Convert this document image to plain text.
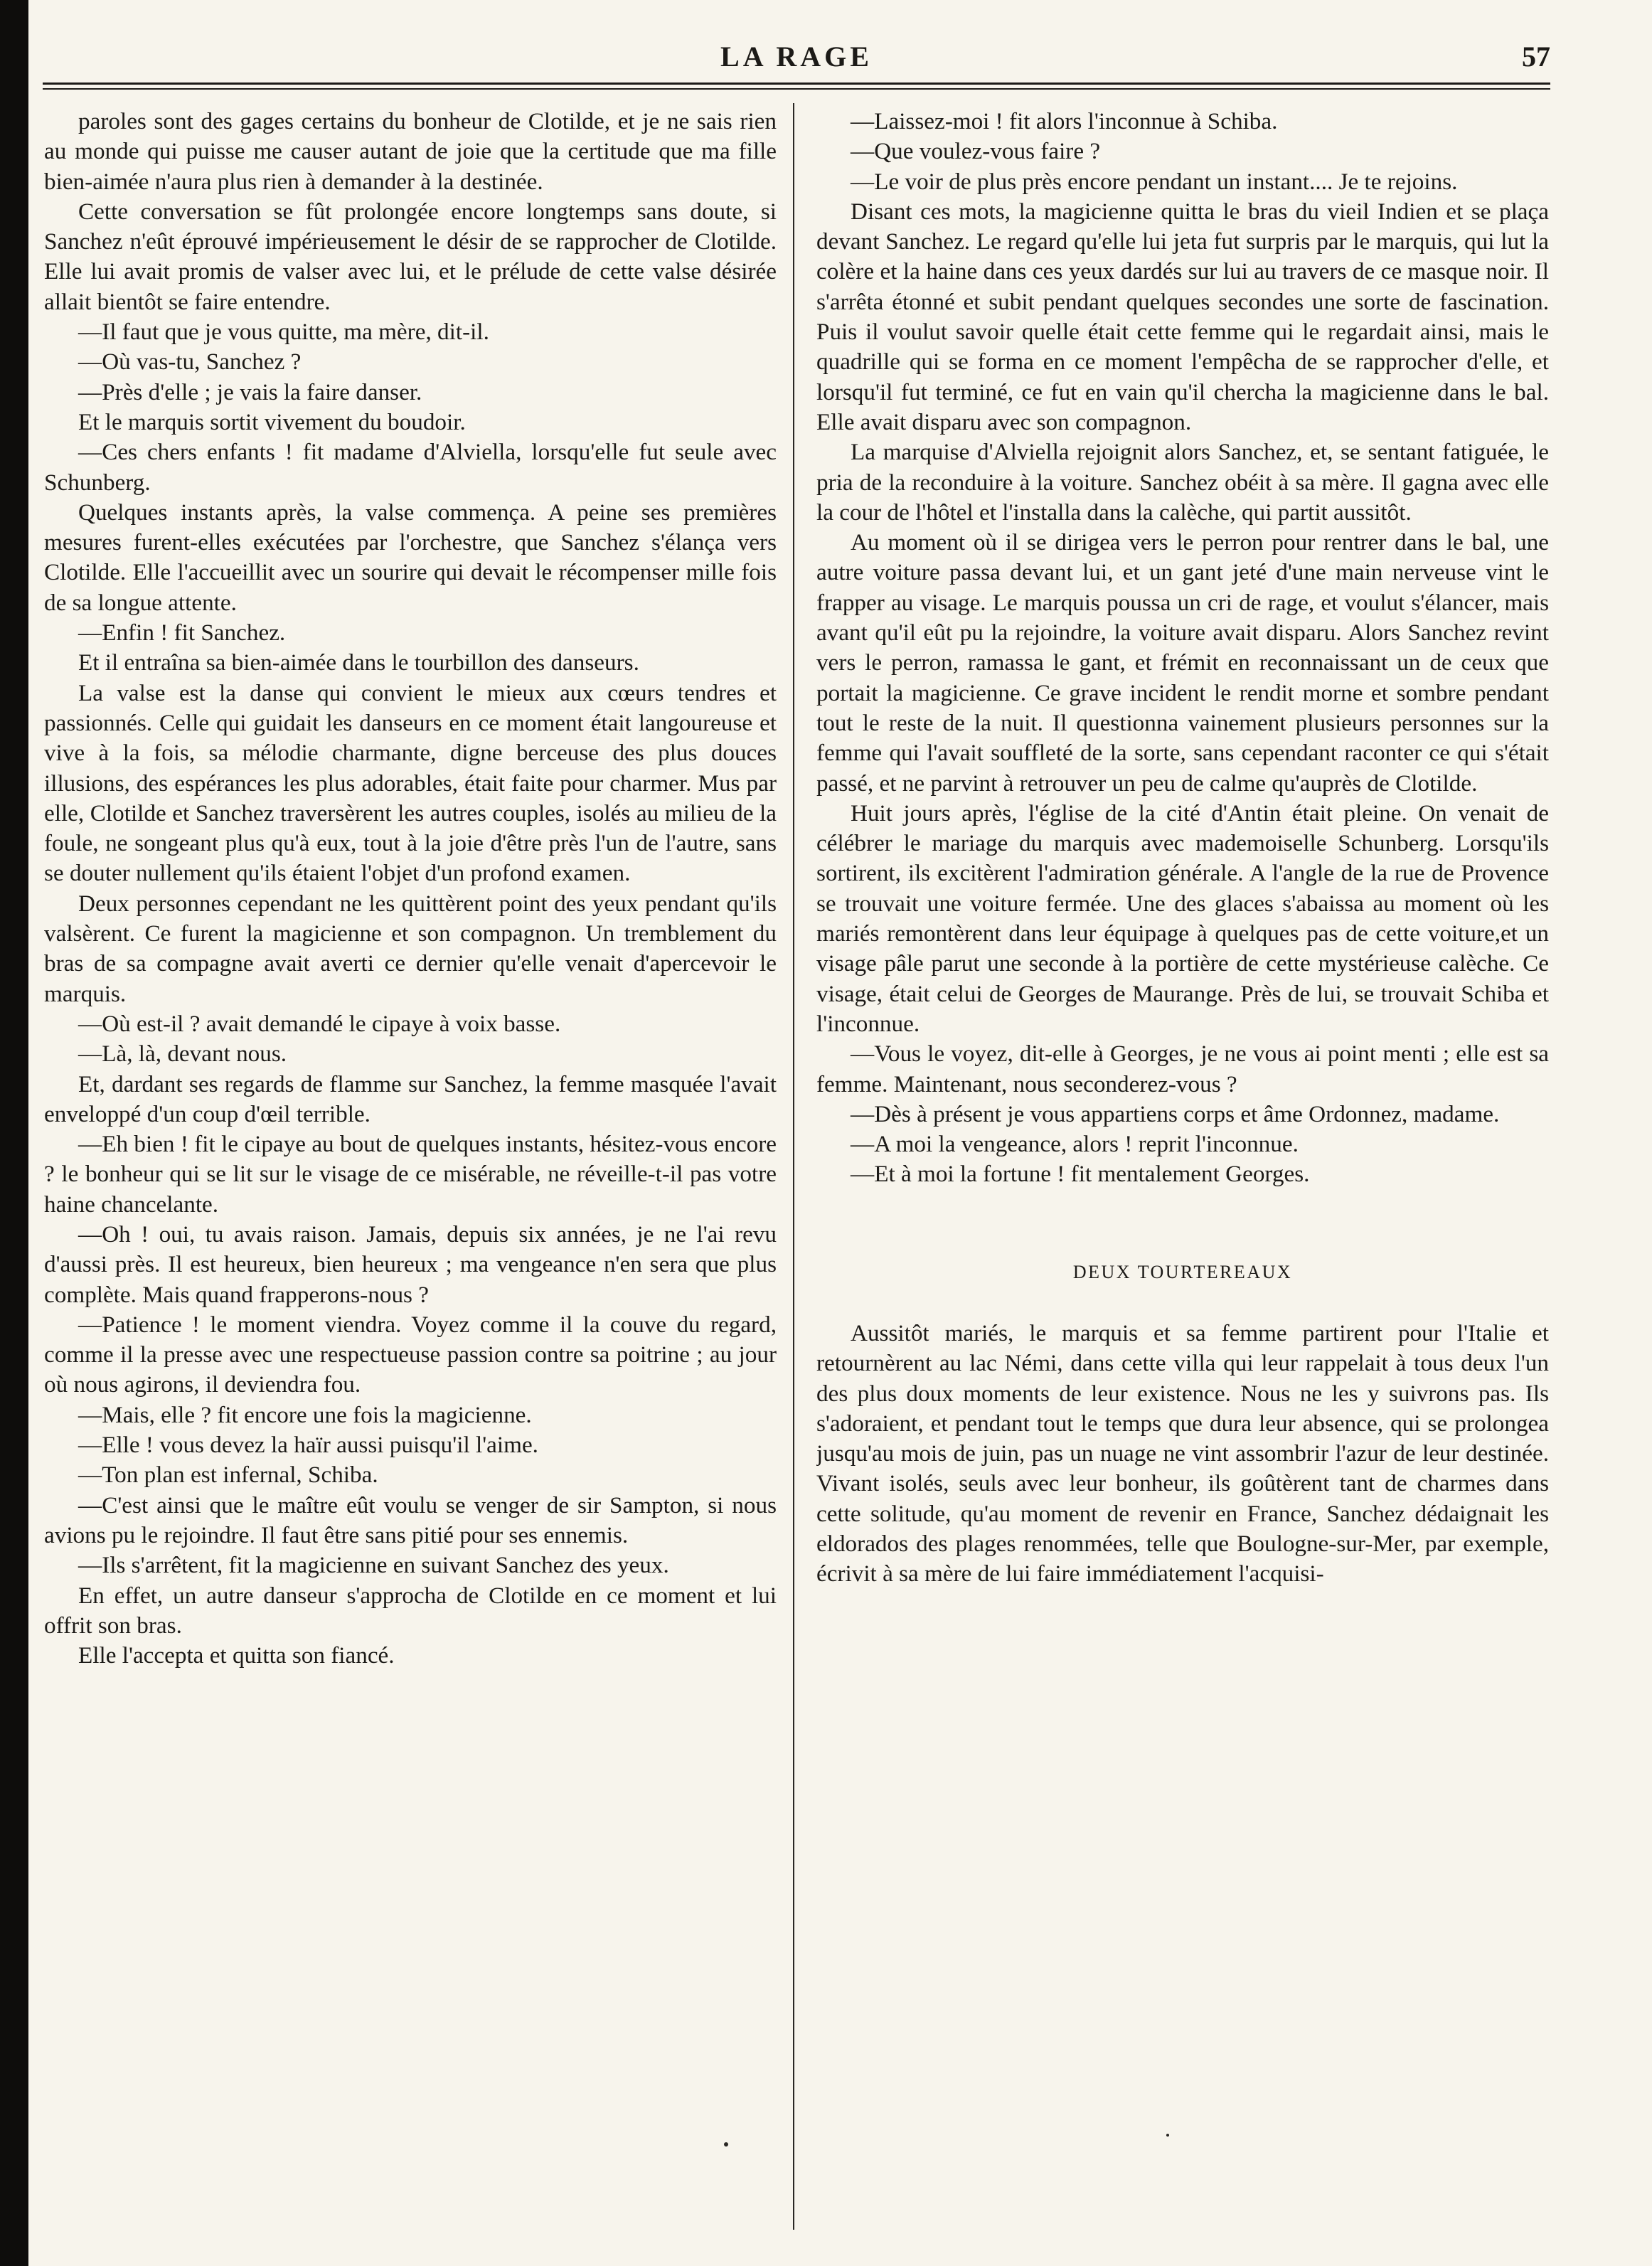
LA RAGE	57

paroles sont des gages certains du bonheur de Clotilde, et je ne sais rien au monde qui puisse me causer autant de joie que la certitude que ma fille bien-aimée n'aura plus rien à demander à la destinée.

Cette conversation se fût prolongée encore longtemps sans doute, si Sanchez n'eût éprouvé impérieusement le désir de se rapprocher de Clotilde. Elle lui avait promis de valser avec lui, et le prélude de cette valse désirée allait bientôt se faire entendre.

—Il faut que je vous quitte, ma mère, dit-il.

—Où vas-tu, Sanchez ?

—Près d'elle ; je vais la faire danser.

Et le marquis sortit vivement du boudoir.

—Ces chers enfants ! fit madame d'Alviella, lorsqu'elle fut seule avec Schunberg.

Quelques instants après, la valse commença. A peine ses premières mesures furent-elles exécutées par l'orchestre, que Sanchez s'élança vers Clotilde. Elle l'accueillit avec un sourire qui devait le récompenser mille fois de sa longue attente.

—Enfin ! fit Sanchez.

Et il entraîna sa bien-aimée dans le tourbillon des danseurs.

La valse est la danse qui convient le mieux aux cœurs tendres et passionnés. Celle qui guidait les danseurs en ce moment était langoureuse et vive à la fois, sa mélodie charmante, digne berceuse des plus douces illusions, des espérances les plus adorables, était faite pour charmer. Mus par elle, Clotilde et Sanchez traversèrent les autres couples, isolés au milieu de la foule, ne songeant plus qu'à eux, tout à la joie d'être près l'un de l'autre, sans se douter nullement qu'ils étaient l'objet d'un profond examen.

Deux personnes cependant ne les quittèrent point des yeux pendant qu'ils valsèrent. Ce furent la magicienne et son compagnon. Un tremblement du bras de sa compagne avait averti ce dernier qu'elle venait d'apercevoir le marquis.

—Où est-il ? avait demandé le cipaye à voix basse.

—Là, là, devant nous.

Et, dardant ses regards de flamme sur Sanchez, la femme masquée l'avait enveloppé d'un coup d'œil terrible.

—Eh bien ! fit le cipaye au bout de quelques instants, hésitez-vous encore ? le bonheur qui se lit sur le visage de ce misérable, ne réveille-t-il pas votre haine chancelante.

—Oh ! oui, tu avais raison. Jamais, depuis six années, je ne l'ai revu d'aussi près. Il est heureux, bien heureux ; ma vengeance n'en sera que plus complète. Mais quand frapperons-nous ?

—Patience ! le moment viendra. Voyez comme il la couve du regard, comme il la presse avec une respectueuse passion contre sa poitrine ; au jour où nous agirons, il deviendra fou.

—Mais, elle ? fit encore une fois la magicienne.

—Elle ! vous devez la haïr aussi puisqu'il l'aime.

—Ton plan est infernal, Schiba.

—C'est ainsi que le maître eût voulu se venger de sir Sampton, si nous avions pu le rejoindre. Il faut être sans pitié pour ses ennemis.

—Ils s'arrêtent, fit la magicienne en suivant Sanchez des yeux.

En effet, un autre danseur s'approcha de Clotilde en ce moment et lui offrit son bras.

Elle l'accepta et quitta son fiancé.

—Laissez-moi ! fit alors l'inconnue à Schiba.

—Que voulez-vous faire ?

—Le voir de plus près encore pendant un instant.... Je te rejoins.

Disant ces mots, la magicienne quitta le bras du vieil Indien et se plaça devant Sanchez. Le regard qu'elle lui jeta fut surpris par le marquis, qui lut la colère et la haine dans ces yeux dardés sur lui au travers de ce masque noir. Il s'arrêta étonné et subit pendant quelques secondes une sorte de fascination. Puis il voulut savoir quelle était cette femme qui le regardait ainsi, mais le quadrille qui se forma en ce moment l'empêcha de se rapprocher d'elle, et lorsqu'il fut terminé, ce fut en vain qu'il chercha la magicienne dans le bal. Elle avait disparu avec son compagnon.

La marquise d'Alviella rejoignit alors Sanchez, et, se sentant fatiguée, le pria de la reconduire à la voiture. Sanchez obéit à sa mère. Il gagna avec elle la cour de l'hôtel et l'installa dans la calèche, qui partit aussitôt.

Au moment où il se dirigea vers le perron pour rentrer dans le bal, une autre voiture passa devant lui, et un gant jeté d'une main nerveuse vint le frapper au visage. Le marquis poussa un cri de rage, et voulut s'élancer, mais avant qu'il eût pu la rejoindre, la voiture avait disparu. Alors Sanchez revint vers le perron, ramassa le gant, et frémit en reconnaissant un de ceux que portait la magicienne. Ce grave incident le rendit morne et sombre pendant tout le reste de la nuit. Il questionna vainement plusieurs personnes sur la femme qui l'avait souffleté de la sorte, sans cependant raconter ce qui s'était passé, et ne parvint à retrouver un peu de calme qu'auprès de Clotilde.

Huit jours après, l'église de la cité d'Antin était pleine. On venait de célébrer le mariage du marquis avec mademoiselle Schunberg. Lorsqu'ils sortirent, ils excitèrent l'admiration générale. A l'angle de la rue de Provence se trouvait une voiture fermée. Une des glaces s'abaissa au moment où les mariés remontèrent dans leur équipage à quelques pas de cette voiture,et un visage pâle parut une seconde à la portière de cette mystérieuse calèche. Ce visage, était celui de Georges de Maurange. Près de lui, se trouvait Schiba et l'inconnue.

—Vous le voyez, dit-elle à Georges, je ne vous ai point menti ; elle est sa femme. Maintenant, nous seconderez-vous ?

—Dès à présent je vous appartiens corps et âme Ordonnez, madame.

—A moi la vengeance, alors ! reprit l'inconnue.

—Et à moi la fortune ! fit mentalement Georges.

DEUX TOURTEREAUX

Aussitôt mariés, le marquis et sa femme partirent pour l'Italie et retournèrent au lac Némi, dans cette villa qui leur rappelait à tous deux l'un des plus doux moments de leur existence. Nous ne les y suivrons pas. Ils s'adoraient, et pendant tout le temps que dura leur absence, qui se prolongea jusqu'au mois de juin, pas un nuage ne vint assombrir l'azur de leur destinée. Vivant isolés, seuls avec leur bonheur, ils goûtèrent tant de charmes dans cette solitude, qu'au moment de revenir en France, Sanchez dédaignait les eldorados des plages renommées, telle que Boulogne-sur-Mer, par exemple, écrivit à sa mère de lui faire immédiatement l'acquisi-
